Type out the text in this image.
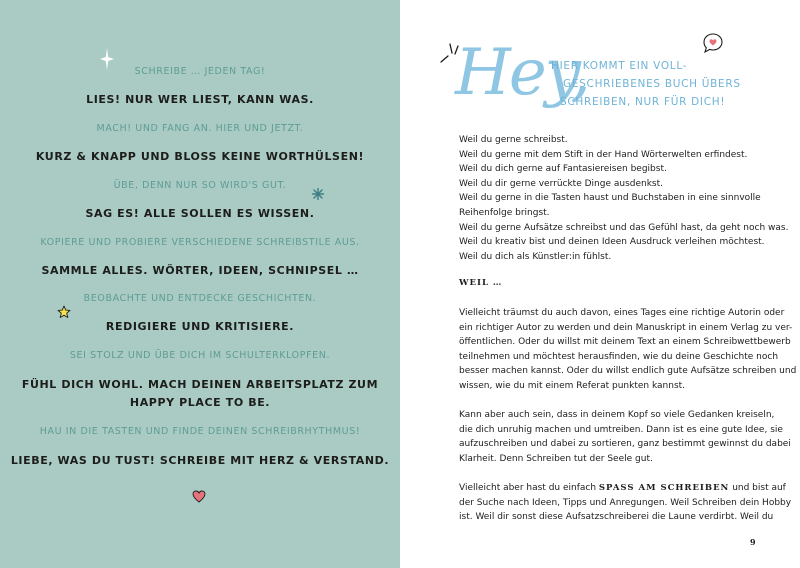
SCHREIBE … JEDEN TAG!
LIES! NUR WER LIEST, KANN WAS.
MACH! UND FANG AN. HIER UND JETZT.
KURZ & KNAPP UND BLOSS KEINE WORTHÜLSEN!
ÜBE, DENN NUR SO WIRD'S GUT.
SAG ES! ALLE SOLLEN ES WISSEN.
KOPIERE UND PROBIERE VERSCHIEDENE SCHREIBSTILE AUS.
SAMMLE ALLES. WÖRTER, IDEEN, SCHNIPSEL …
BEOBACHTE UND ENTDECKE GESCHICHTEN.
REDIGIERE UND KRITISIERE.
SEI STOLZ UND ÜBE DICH IM SCHULTERKLOPFEN.
FÜHL DICH WOHL. MACH DEINEN ARBEITSPLATZ ZUM
HAPPY PLACE TO BE.
HAU IN DIE TASTEN UND FINDE DEINEN SCHREIBRHYTHMUS!
LIEBE, WAS DU TUST! SCHREIBE MIT HERZ & VERSTAND.
Hey,
HIER KOMMT EIN VOLL-
GESCHRIEBENES BUCH ÜBERS
SCHREIBEN, NUR FÜR DICH!
Weil du gerne schreibst.
Weil du gerne mit dem Stift in der Hand Wörterwelten erfindest.
Weil du dich gerne auf Fantasiereisen begibst.
Weil du dir gerne verrückte Dinge ausdenkst.
Weil du gerne in die Tasten haust und Buchstaben in eine sinnvolle
Reihenfolge bringst.
Weil du gerne Aufsätze schreibst und das Gefühl hast, da geht noch was.
Weil du kreativ bist und deinen Ideen Ausdruck verleihen möchtest.
Weil du dich als Künstler:in fühlst.
WEIL …
Vielleicht träumst du auch davon, eines Tages eine richtige Autorin oder
ein richtiger Autor zu werden und dein Manuskript in einem Verlag zu ver-
öffentlichen. Oder du willst mit deinem Text an einem Schreibwettbewerb
teilnehmen und möchtest herausfinden, wie du deine Geschichte noch
besser machen kannst. Oder du willst endlich gute Aufsätze schreiben und
wissen, wie du mit einem Referat punkten kannst.
Kann aber auch sein, dass in deinem Kopf so viele Gedanken kreiseln,
die dich unruhig machen und umtreiben. Dann ist es eine gute Idee, sie
aufzuschreiben und dabei zu sortieren, ganz bestimmt gewinnst du dabei
Klarheit. Denn Schreiben tut der Seele gut.
Vielleicht aber hast du einfach SPASS AM SCHREIBEN und bist auf
der Suche nach Ideen, Tipps und Anregungen. Weil Schreiben dein Hobby
ist. Weil dir sonst diese Aufsatzschreiberei die Laune verdirbt. Weil du
9
